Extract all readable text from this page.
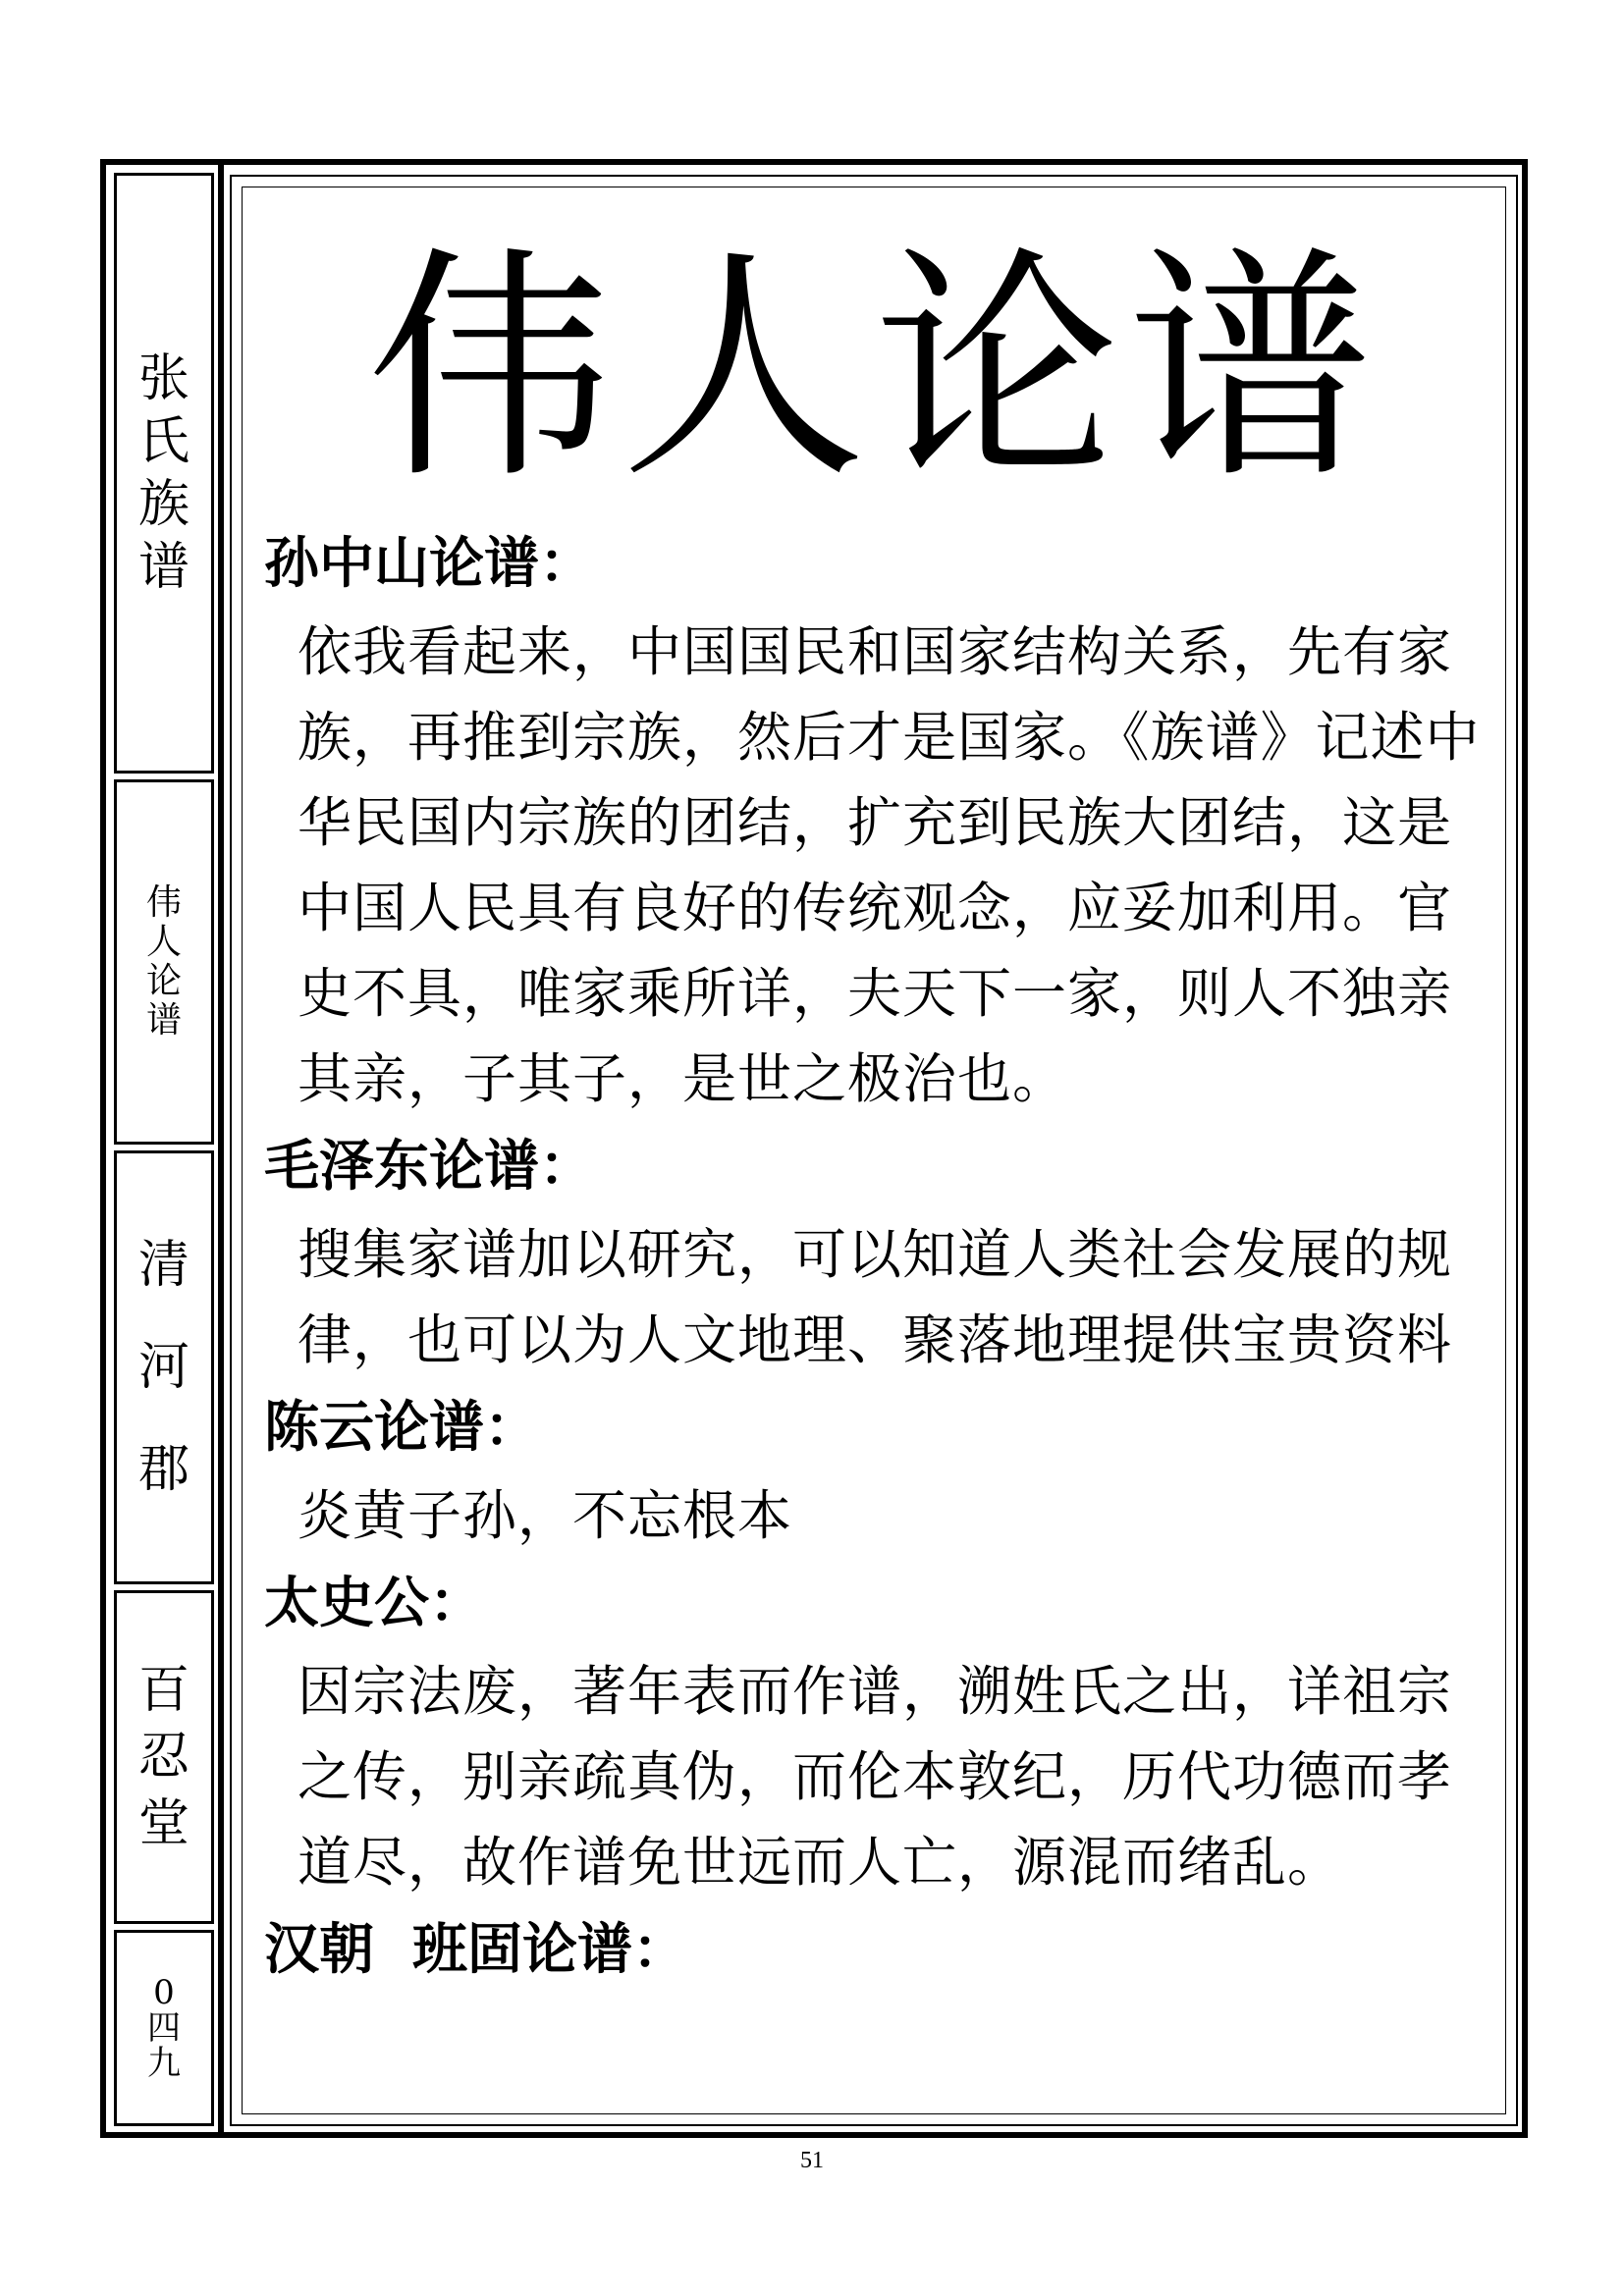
张
氏
族
谱
伟
人
论
谱
清
河
郡
百
忍
堂
0
四
九
伟人论谱

孙中山论谱：

依我看起来，中国国民和国家结构关系，先有家族，再推到宗族，然后才是国家。《族谱》记述中华民国内宗族的团结，扩充到民族大团结，这是中国人民具有良好的传统观念，应妥加利用。官史不具，唯家乘所详，夫天下一家，则人不独亲其亲，子其子，是世之极治也。

毛泽东论谱：

搜集家谱加以研究，可以知道人类社会发展的规律，也可以为人文地理、聚落地理提供宝贵资料

陈云论谱：

炎黄子孙，不忘根本

太史公：

因宗法废，著年表而作谱，溯姓氏之出，详祖宗之传，别亲疏真伪，而伦本敦纪，历代功德而孝道尽，故作谱免世远而人亡，源混而绪乱。

汉朝  班固论谱：

51
